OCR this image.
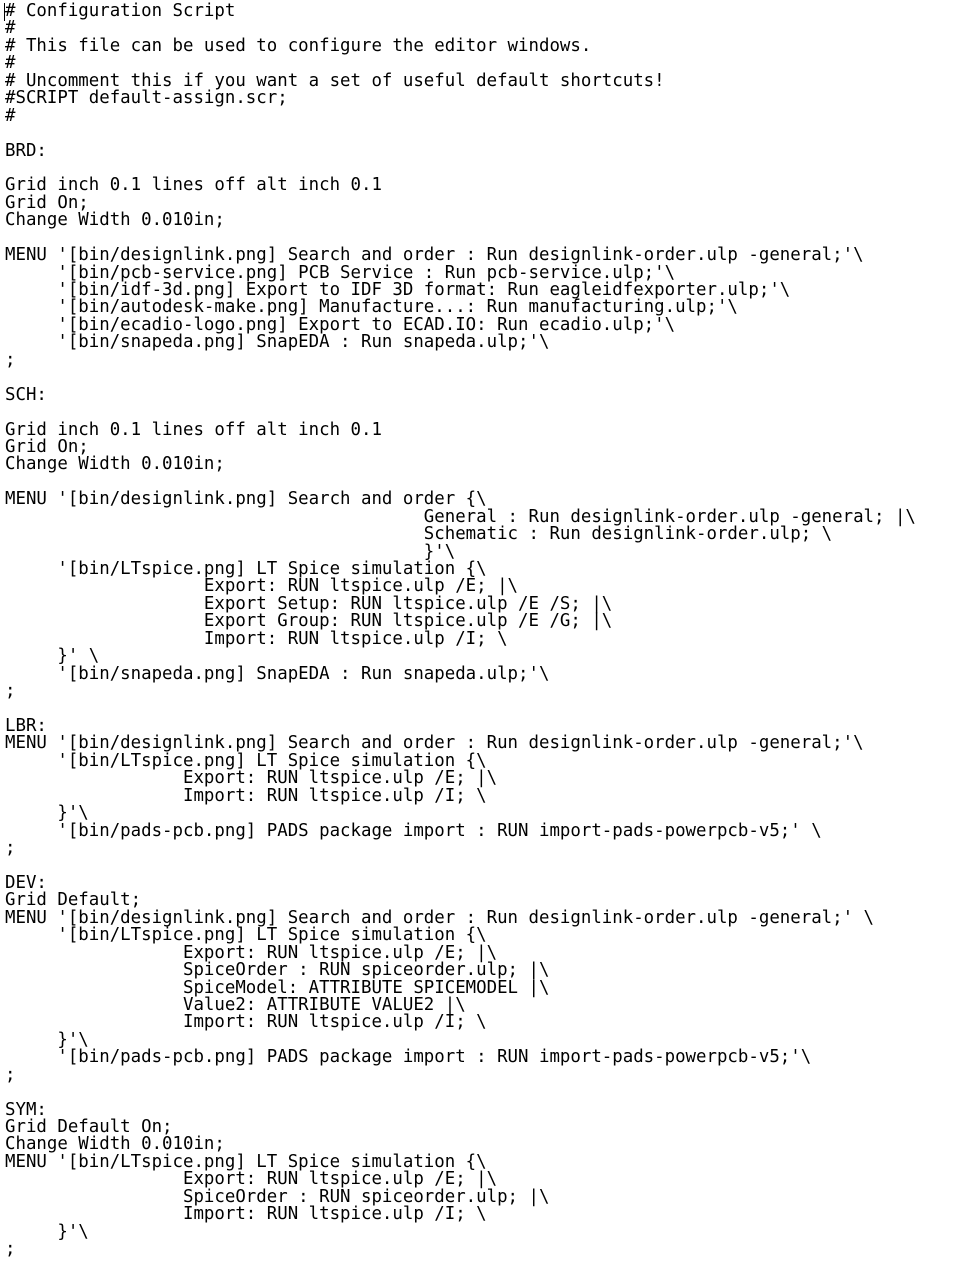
# Configuration Script
#
# This file can be used to configure the editor windows.
#
# Uncomment this if you want a set of useful default shortcuts!
#SCRIPT default-assign.scr;
#
BRD:
Grid inch 0.1 lines off alt inch 0.1
Grid On;
Change Width 0.010in;
MENU '[bin/designlink.png] Search and order : Run designlink-order.ulp -general;'\
'[bin/pcb-service.png] PCB Service : Run pcb-service.ulp;'\
'[bin/idf-3d.png] Export to IDF 3D format: Run eagleidfexporter.ulp;'\
'[bin/autodesk-make.png] Manufacture...: Run manufacturing.ulp;'\
'[bin/ecadio-logo.png] Export to ECAD.IO: Run ecadio.ulp;'\
'[bin/snapeda.png] SnapEDA : Run snapeda.ulp;'\
;
SCH:
Grid inch 0.1 lines off alt inch 0.1
Grid On;
Change Width 0.010in;
MENU '[bin/designlink.png] Search and order {\
General : Run designlink-order.ulp -general; |\
Schematic : Run designlink-order.ulp; \
}'\
'[bin/LTspice.png] LT Spice simulation {\
Export: RUN ltspice.ulp /E; |\
Export Setup: RUN ltspice.ulp /E /S; |\
Export Group: RUN ltspice.ulp /E /G; |\
Import: RUN ltspice.ulp /I; \
}' \
'[bin/snapeda.png] SnapEDA : Run snapeda.ulp;'\
;
LBR:
MENU '[bin/designlink.png] Search and order : Run designlink-order.ulp -general;'\
'[bin/LTspice.png] LT Spice simulation {\
Export: RUN ltspice.ulp /E; |\
Import: RUN ltspice.ulp /I; \
}'\
'[bin/pads-pcb.png] PADS package import : RUN import-pads-powerpcb-v5;' \
;
DEV:
Grid Default;
MENU '[bin/designlink.png] Search and order : Run designlink-order.ulp -general;' \
'[bin/LTspice.png] LT Spice simulation {\
Export: RUN ltspice.ulp /E; |\
SpiceOrder : RUN spiceorder.ulp; |\
SpiceModel: ATTRIBUTE SPICEMODEL |\
Value2: ATTRIBUTE VALUE2 |\
Import: RUN ltspice.ulp /I; \
}'\
'[bin/pads-pcb.png] PADS package import : RUN import-pads-powerpcb-v5;'\
;
SYM:
Grid Default On;
Change Width 0.010in;
MENU '[bin/LTspice.png] LT Spice simulation {\
Export: RUN ltspice.ulp /E; |\
SpiceOrder : RUN spiceorder.ulp; |\
Import: RUN ltspice.ulp /I; \
}'\
;
